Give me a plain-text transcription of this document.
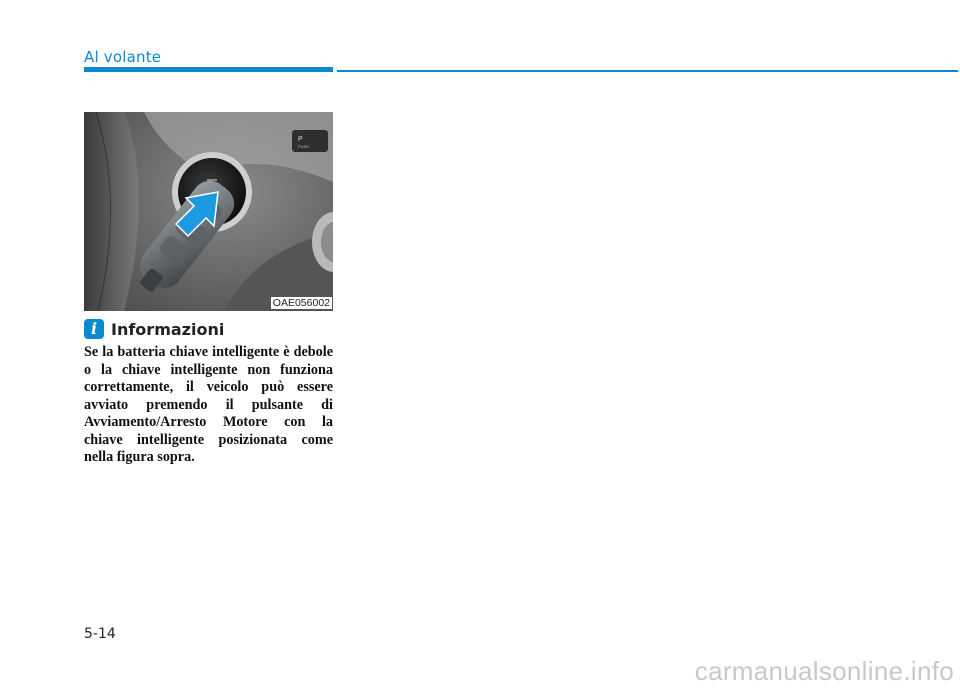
Al volante
P
PUSH
OAE056002
i Informazioni

Se la batteria chiave intelligente è debole o la chiave intelligente non funziona correttamente, il veicolo può essere avviato premendo il pulsante di Avviamento/Arresto Motore con la chiave intelligente posizionata come nella figura sopra.

5-14
carmanualsonline.info
